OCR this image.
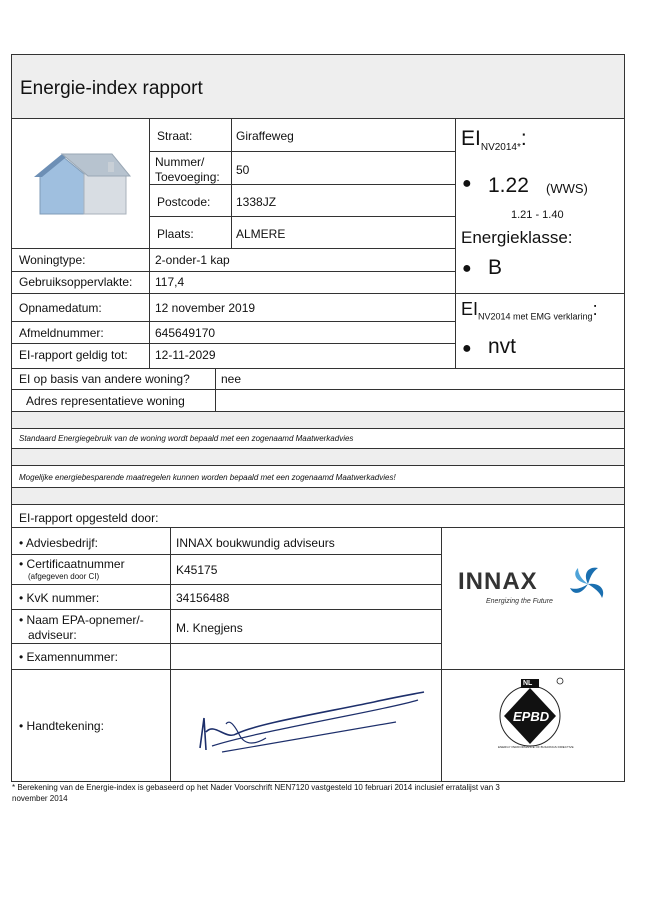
Energie-index rapport
Straat:	Giraffeweg
Nummer/
Toevoeging: 50
Postcode: 1338JZ
Plaats:	ALMERE
Woningtype:	2-onder-1 kap
Gebruiksoppervlakte: 117,4
Opnamedatum:	12 november 2019
Afmeldnummer:	645649170
EI-rapport geldig tot: 12-11-2029
$EI_{NV2014*}$:
● 1.22 (WWS)
1.21 - 1.40
Energieklasse:
● B
$EI_{NV2014 met EMG verklaring}$:
● nvt
EI op basis van andere woning?	nee
Adres representatieve woning
Standaard Energiegebruik van de woning wordt bepaald met een zogenaamd Maatwerkadvies
Mogelijke energiebesparende maatregelen kunnen worden bepaald met een zogenaamd Maatwerkadvies!
EI-rapport opgesteld door:
• Adviesbedrijf:	INNAX boukwundig adviseurs
• Certificaatnummer
(afgegeven door CI)	K45175
• KvK nummer:	34156488
• Naam EPA-opnemer/-
adviseur:	M. Knegjens
• Examennummer:
• Handtekening:
INNAX
Energizing the Future
NL
EPBD
ENERGY PERFORMANCE OF BUILDINGS DIRECTIVE
* Berekening van de Energie-index is gebaseerd op het Nader Voorschrift NEN7120 vastgesteld 10 februari 2014 inclusief erratalijst van 3
november 2014
